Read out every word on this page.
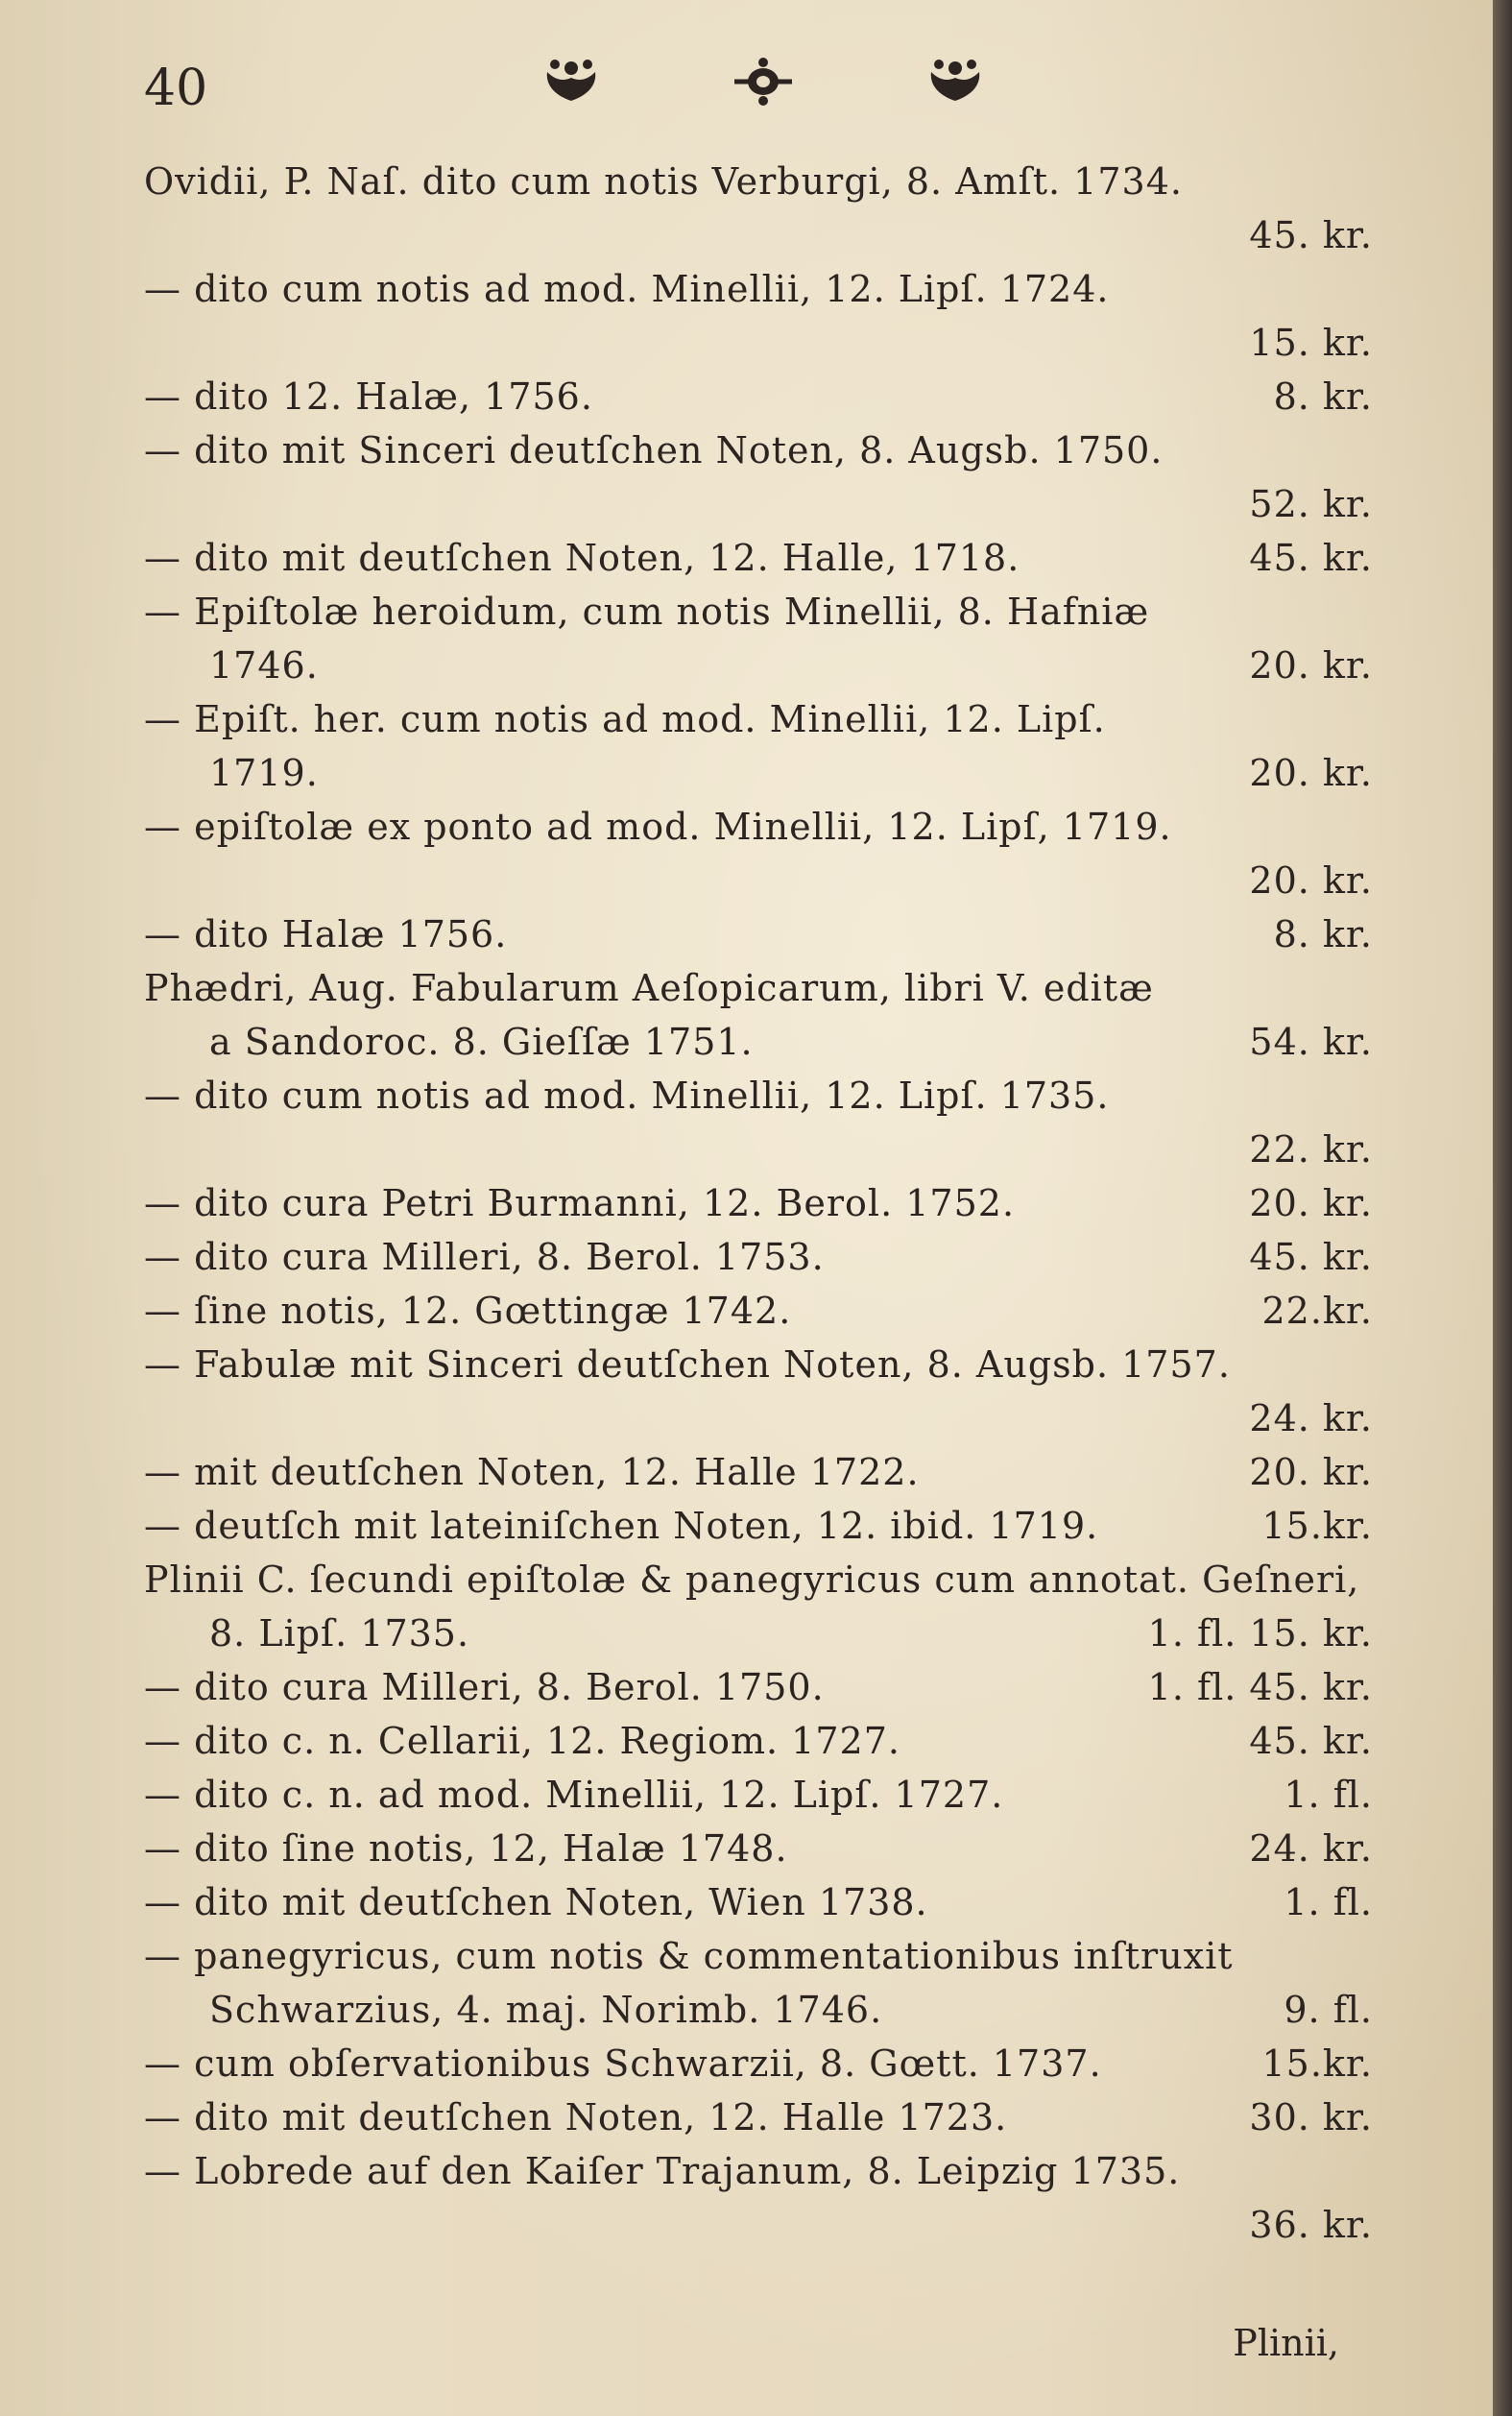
40
Ovidii, P. Naſ. dito cum notis Verburgi, 8. Amſt. 1734.
45. kr.
— dito cum notis ad mod. Minellii, 12. Lipſ. 1724.
15. kr.
— dito 12. Halæ, 1756.	8. kr.
— dito mit Sinceri deutſchen Noten, 8. Augsb. 1750.
52. kr.
— dito mit deutſchen Noten, 12. Halle, 1718.	45. kr.
— Epiſtolæ heroidum, cum notis Minellii, 8. Hafniæ
1746.	20. kr.
— Epiſt. her. cum notis ad mod. Minellii, 12. Lipſ.
1719.	20. kr.
— epiſtolæ ex ponto ad mod. Minellii, 12. Lipſ, 1719.
20. kr.
— dito Halæ 1756.	8. kr.
Phædri, Aug. Fabularum Aeſopicarum, libri V. editæ
a Sandoroc. 8. Gieſſæ 1751.	54. kr.
— dito cum notis ad mod. Minellii, 12. Lipſ. 1735.
22. kr.
— dito cura Petri Burmanni, 12. Berol. 1752.	20. kr.
— dito cura Milleri, 8. Berol. 1753.	45. kr.
— ſine notis, 12. Gœttingæ 1742.	22.kr.
— Fabulæ mit Sinceri deutſchen Noten, 8. Augsb. 1757.
24. kr.
— mit deutſchen Noten, 12. Halle 1722.	20. kr.
— deutſch mit lateiniſchen Noten, 12. ibid. 1719.	15.kr.
Plinii C. ſecundi epiſtolæ & panegyricus cum annotat. Geſneri,
8. Lipſ. 1735.	1. fl. 15. kr.
— dito cura Milleri, 8. Berol. 1750.	1. fl. 45. kr.
— dito c. n. Cellarii, 12. Regiom. 1727.	45. kr.
— dito c. n. ad mod. Minellii, 12. Lipſ. 1727.	1. fl.
— dito ſine notis, 12, Halæ 1748.	24. kr.
— dito mit deutſchen Noten, Wien 1738.	1. fl.
— panegyricus, cum notis & commentationibus inſtruxit
Schwarzius, 4. maj. Norimb. 1746.	9. fl.
— cum obſervationibus Schwarzii, 8. Gœtt. 1737.	15.kr.
— dito mit deutſchen Noten, 12. Halle 1723.	30. kr.
— Lobrede auf den Kaiſer Trajanum, 8. Leipzig 1735.
36. kr.
Plinii,
